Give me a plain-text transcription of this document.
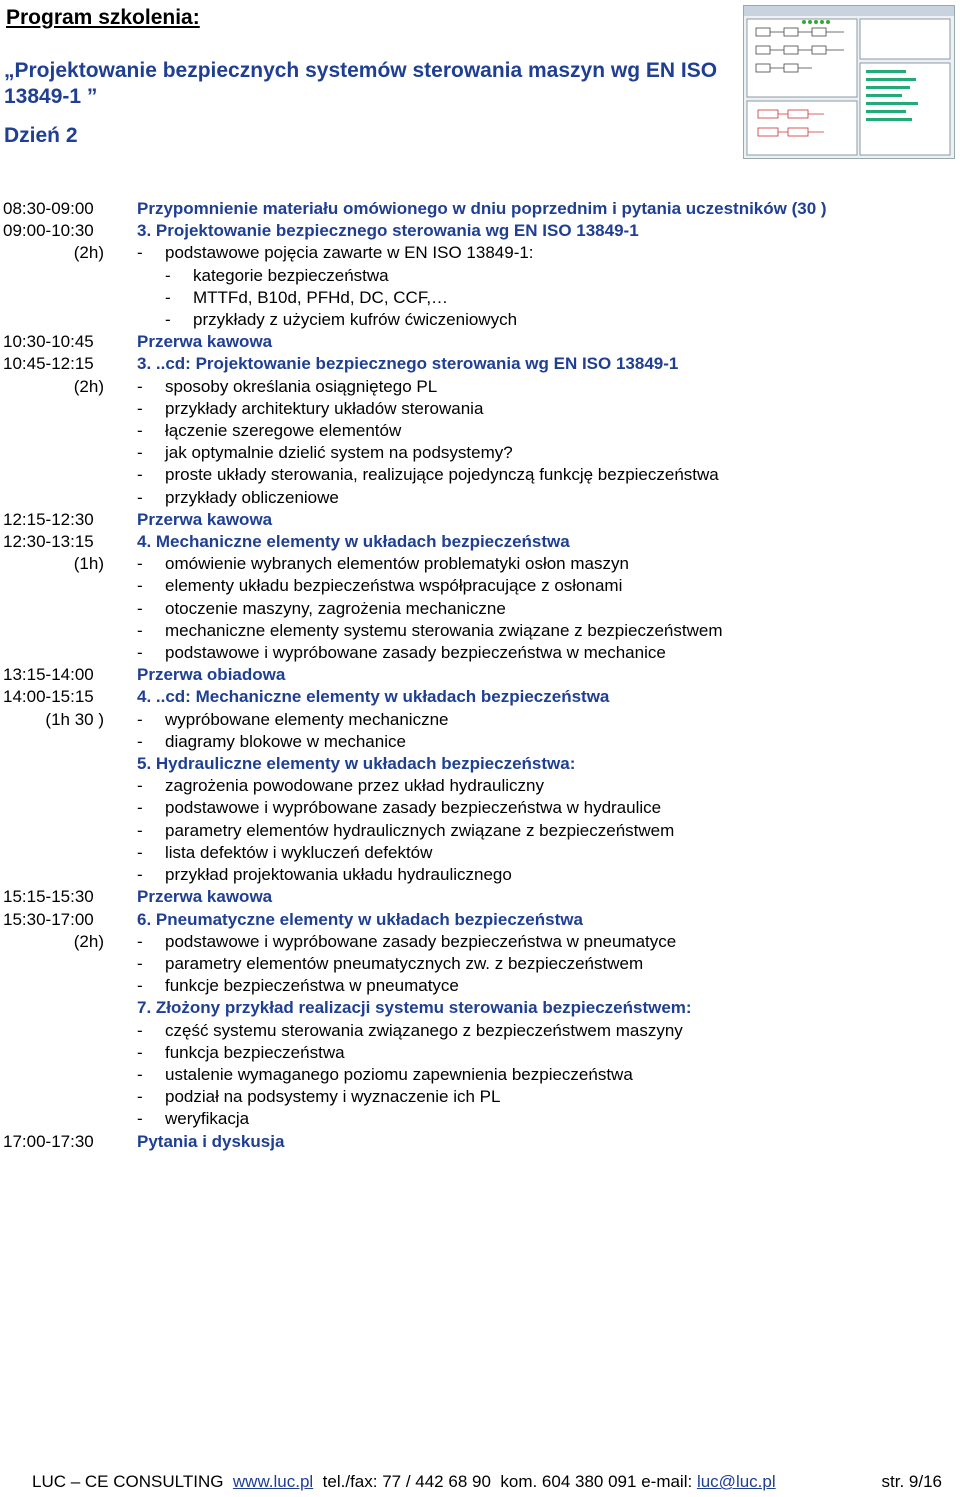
Program szkolenia:
„Projektowanie bezpiecznych systemów sterowania maszyn wg EN ISO 13849-1 ”
Dzień 2
08:30-09:00	Przypomnienie materiału omówionego w dniu poprzednim i pytania uczestników (30 )
09:00-10:30	3. Projektowanie bezpiecznego sterowania wg EN ISO 13849-1
(2h)	- podstawowe pojęcia zawarte w EN ISO 13849-1:
- kategorie bezpieczeństwa
- MTTFd, B10d, PFHd, DC, CCF,…
- przykłady z użyciem kufrów ćwiczeniowych
10:30-10:45	Przerwa kawowa
10:45-12:15	3. ..cd: Projektowanie bezpiecznego sterowania wg EN ISO 13849-1
(2h)	- sposoby określania osiągniętego PL
- przykłady architektury układów sterowania
- łączenie szeregowe elementów
- jak optymalnie dzielić system na podsystemy?
- proste układy sterowania, realizujące pojedynczą funkcję bezpieczeństwa
- przykłady obliczeniowe
12:15-12:30	Przerwa kawowa
12:30-13:15	4. Mechaniczne elementy w układach bezpieczeństwa
(1h)	- omówienie wybranych elementów problematyki osłon maszyn
- elementy układu bezpieczeństwa współpracujące z osłonami
- otoczenie maszyny, zagrożenia mechaniczne
- mechaniczne elementy systemu sterowania związane z bezpieczeństwem
- podstawowe i wypróbowane zasady bezpieczeństwa w mechanice
13:15-14:00	Przerwa obiadowa
14:00-15:15	4. ..cd: Mechaniczne elementy w układach bezpieczeństwa
(1h 30 )	- wypróbowane elementy mechaniczne
- diagramy blokowe w mechanice
5. Hydrauliczne elementy w układach bezpieczeństwa:
- zagrożenia powodowane przez układ hydrauliczny
- podstawowe i wypróbowane zasady bezpieczeństwa w hydraulice
- parametry elementów hydraulicznych związane z bezpieczeństwem
- lista defektów i wykluczeń defektów
- przykład projektowania układu hydraulicznego
15:15-15:30	Przerwa kawowa
15:30-17:00	6. Pneumatyczne elementy w układach bezpieczeństwa
(2h)	- podstawowe i wypróbowane zasady bezpieczeństwa w pneumatyce
- parametry elementów pneumatycznych zw. z bezpieczeństwem
- funkcje bezpieczeństwa w pneumatyce
7. Złożony przykład realizacji systemu sterowania bezpieczeństwem:
- część systemu sterowania związanego z bezpieczeństwem maszyny
- funkcja bezpieczeństwa
- ustalenie wymaganego poziomu zapewnienia bezpieczeństwa
- podział na podsystemy i wyznaczenie ich PL
- weryfikacja
17:00-17:30	Pytania i dyskusja
LUC – CE CONSULTING www.luc.pl tel./fax: 77 / 442 68 90 kom. 604 380 091 e-mail: luc@luc.pl	str. 9/16
